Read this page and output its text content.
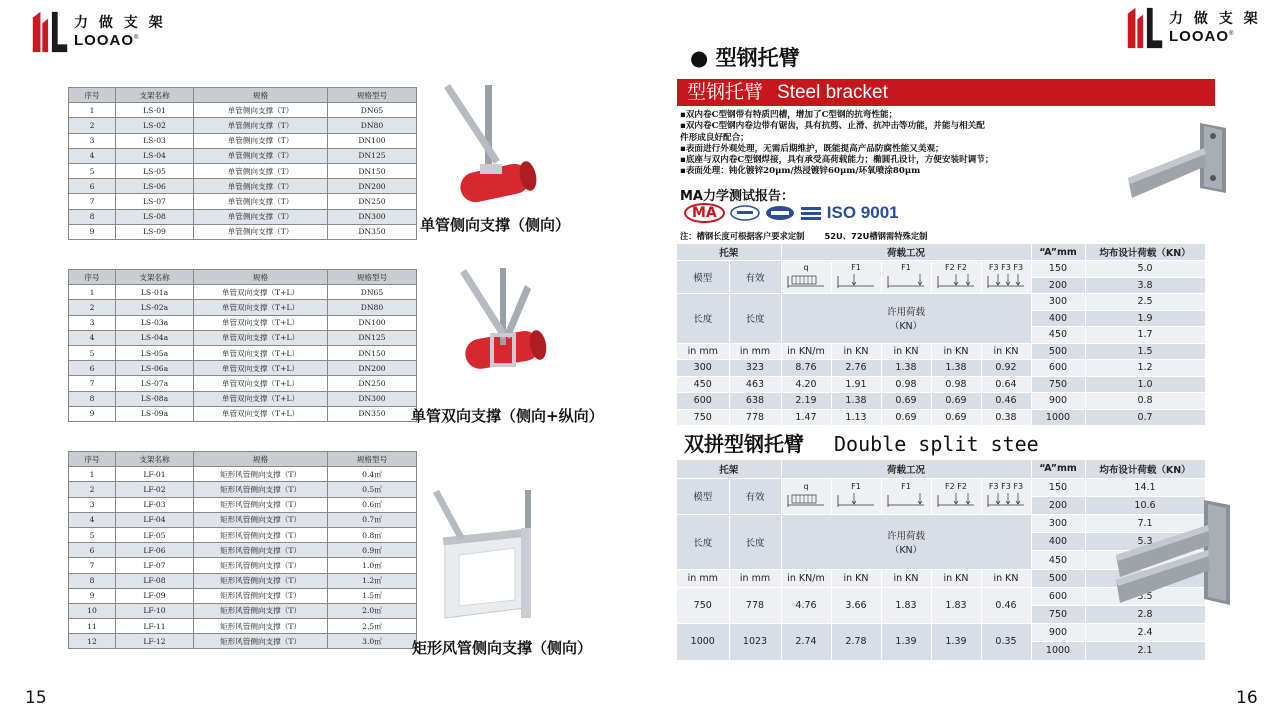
力 做 支 架
LOOAO®
力 做 支 架
LOOAO®
序号	支架名称	规格	规格型号
1	LS-01	单管侧向支撑（T）	DN65
2	LS-02	单管侧向支撑（T）	DN80
3	LS-03	单管侧向支撑（T）	DN100
4	LS-04	单管侧向支撑（T）	DN125
5	LS-05	单管侧向支撑（T）	DN150
6	LS-06	单管侧向支撑（T）	DN200
7	LS-07	单管侧向支撑（T）	DN250
8	LS-08	单管侧向支撑（T）	DN300
9	LS-09	单管侧向支撑（T）	DN350
序号	支架名称	规格	规格型号
1	LS-01a	单管双向支撑（T+L）	DN65
2	LS-02a	单管双向支撑（T+L）	DN80
3	LS-03a	单管双向支撑（T+L）	DN100
4	LS-04a	单管双向支撑（T+L）	DN125
5	LS-05a	单管双向支撑（T+L）	DN150
6	LS-06a	单管双向支撑（T+L）	DN200
7	LS-07a	单管双向支撑（T+L）	DN250
8	LS-08a	单管双向支撑（T+L）	DN300
9	LS-09a	单管双向支撑（T+L）	DN350
序号	支架名称	规格	规格型号
1	LF-01	矩形风管侧向支撑（T）	0.4㎡
2	LF-02	矩形风管侧向支撑（T）	0.5㎡
3	LF-03	矩形风管侧向支撑（T）	0.6㎡
4	LF-04	矩形风管侧向支撑（T）	0.7㎡
5	LF-05	矩形风管侧向支撑（T）	0.8㎡
6	LF-06	矩形风管侧向支撑（T）	0.9㎡
7	LF-07	矩形风管侧向支撑（T）	1.0㎡
8	LF-08	矩形风管侧向支撑（T）	1.2㎡
9	LF-09	矩形风管侧向支撑（T）	1.5㎡
10	LF-10	矩形风管侧向支撑（T）	2.0㎡
11	LF-11	矩形风管侧向支撑（T）	2.5㎡
12	LF-12	矩形风管侧向支撑（T）	3.0㎡
单管侧向支撑（侧向）
单管双向支撑（侧向+纵向）
矩形风管侧向支撑（侧向）
15	16
● 型钢托臂
型钢托臂 Steel bracket
▪双内卷C型钢带有特质凹槽，增加了C型钢的抗弯性能；
▪双内卷C型钢内卷边带有锯齿，具有抗剪、止滑、抗冲击等功能，并能与相关配
件形成良好配合；
▪表面进行外观处理，无需后期维护，既能提高产品防腐性能又美观；
▪底座与双内卷C型钢焊接，具有承受高荷载能力；椭圆孔设计，方便安装时调节；
▪表面处理：钝化镀锌20μm/热浸镀锌60μm/环氧喷涂80μm
MA力学测试报告：
MA	ISO 9001
注：槽钢长度可根据客户要求定制 52U、72U槽钢需特殊定制
托架		荷载工况					“A”mm	均布设计荷载（KN）
模型	有效	q	F1	F1	F2 F2	F3 F3 F3	150	5.0
							200	3.8
长度	长度	许用荷载
（KN）					300	2.5
							400	1.9
							450	1.7
in mm	in mm	in KN/m	in KN	in KN	in KN	in KN	500	1.5
300	323	8.76	2.76	1.38	1.38	0.92	600	1.2
450	463	4.20	1.91	0.98	0.98	0.64	750	1.0
600	638	2.19	1.38	0.69	0.69	0.46	900	0.8
750	778	1.47	1.13	0.69	0.69	0.38	1000	0.7
双拼型钢托臂 Double split stee
托架		荷载工况					“A”mm	均布设计荷载（KN）
模型	有效	q	F1	F1	F2 F2	F3 F3 F3	150	14.1
							200	10.6
长度	长度	许用荷载
（KN）					300	7.1
							400	5.3
							450	
in mm	in mm	in KN/m	in KN	in KN	in KN	in KN	500	
750	778	4.76	3.66	1.83	1.83	0.46	600	3.5
							750	2.8
1000	1023	2.74	2.78	1.39	1.39	0.35	900	2.4
							1000	2.1
